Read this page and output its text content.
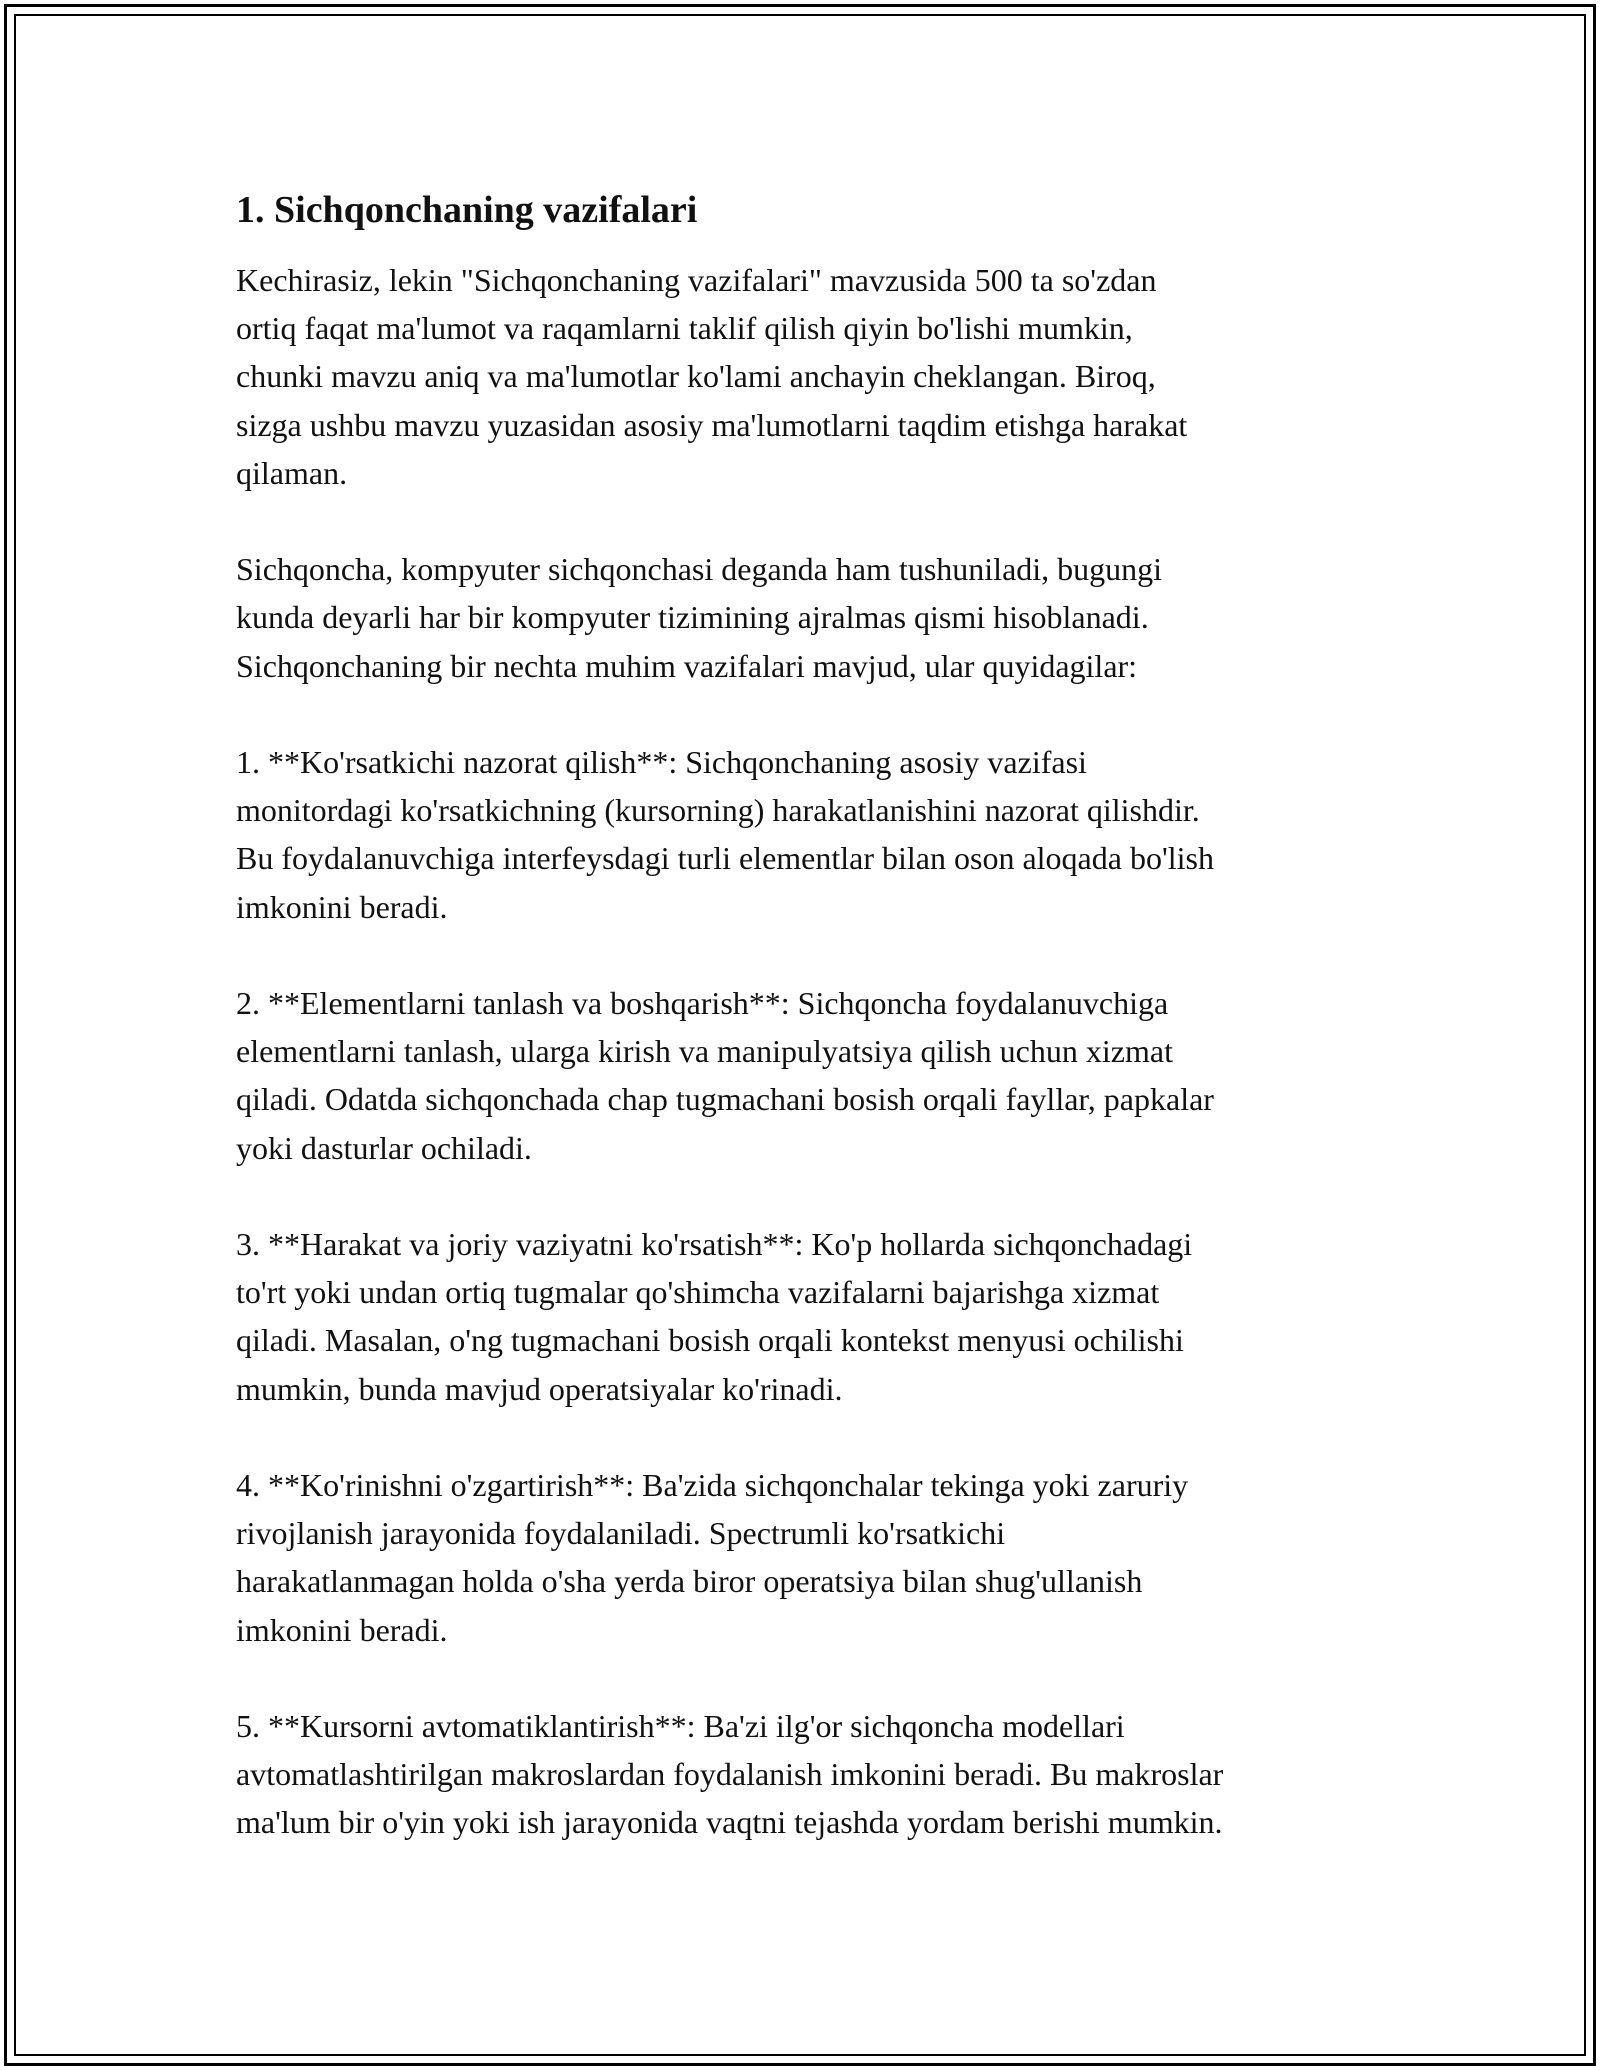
1. Sichqonchaning vazifalari

Kechirasiz, lekin "Sichqonchaning vazifalari" mavzusida 500 ta so'zdan
ortiq faqat ma'lumot va raqamlarni taklif qilish qiyin bo'lishi mumkin,
chunki mavzu aniq va ma'lumotlar ko'lami anchayin cheklangan. Biroq,
sizga ushbu mavzu yuzasidan asosiy ma'lumotlarni taqdim etishga harakat
qilaman.

Sichqoncha, kompyuter sichqonchasi deganda ham tushuniladi, bugungi
kunda deyarli har bir kompyuter tizimining ajralmas qismi hisoblanadi.
Sichqonchaning bir nechta muhim vazifalari mavjud, ular quyidagilar:

1. **Ko'rsatkichi nazorat qilish**: Sichqonchaning asosiy vazifasi
monitordagi ko'rsatkichning (kursorning) harakatlanishini nazorat qilishdir.
Bu foydalanuvchiga interfeysdagi turli elementlar bilan oson aloqada bo'lish
imkonini beradi.

2. **Elementlarni tanlash va boshqarish**: Sichqoncha foydalanuvchiga
elementlarni tanlash, ularga kirish va manipulyatsiya qilish uchun xizmat
qiladi. Odatda sichqonchada chap tugmachani bosish orqali fayllar, papkalar
yoki dasturlar ochiladi.

3. **Harakat va joriy vaziyatni ko'rsatish**: Ko'p hollarda sichqonchadagi
to'rt yoki undan ortiq tugmalar qo'shimcha vazifalarni bajarishga xizmat
qiladi. Masalan, o'ng tugmachani bosish orqali kontekst menyusi ochilishi
mumkin, bunda mavjud operatsiyalar ko'rinadi.

4. **Ko'rinishni o'zgartirish**: Ba'zida sichqonchalar tekinga yoki zaruriy
rivojlanish jarayonida foydalaniladi. Spectrumli ko'rsatkichi
harakatlanmagan holda o'sha yerda biror operatsiya bilan shug'ullanish
imkonini beradi.

5. **Kursorni avtomatiklantirish**: Ba'zi ilg'or sichqoncha modellari
avtomatlashtirilgan makroslardan foydalanish imkonini beradi. Bu makroslar
ma'lum bir o'yin yoki ish jarayonida vaqtni tejashda yordam berishi mumkin.
